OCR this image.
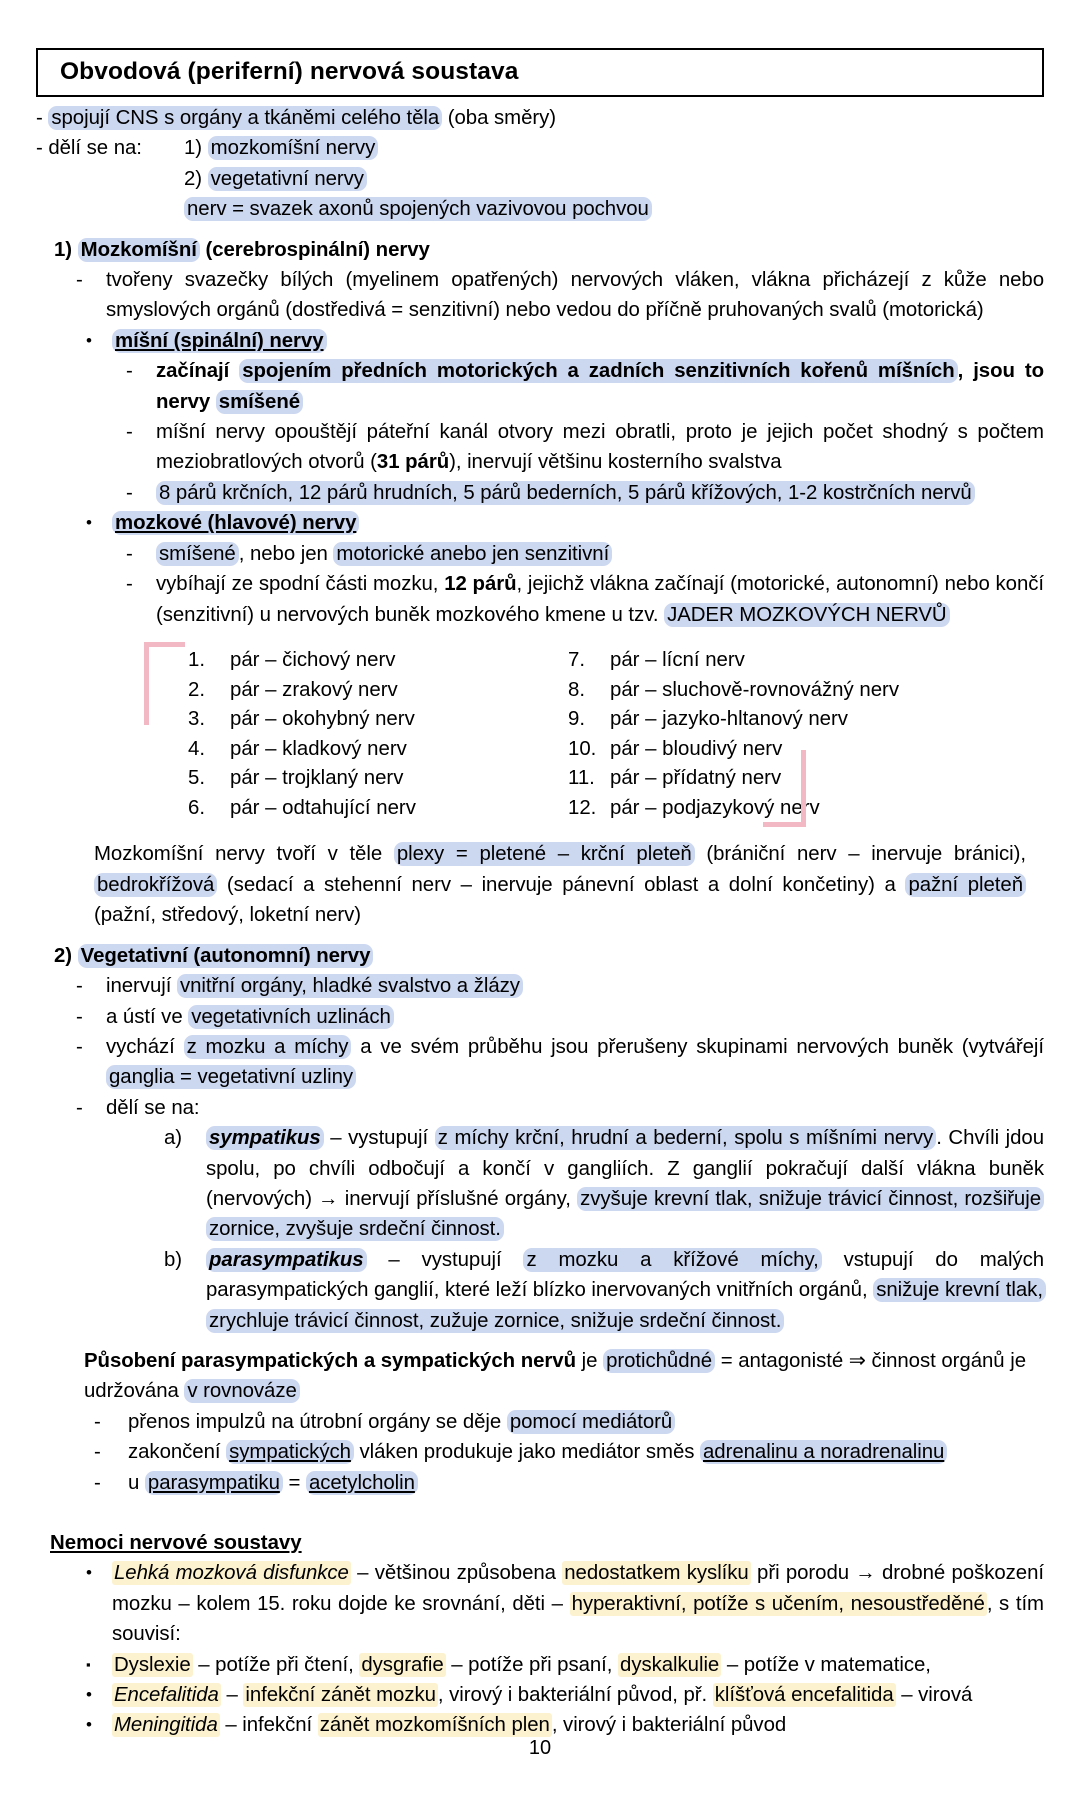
Obvodová (periferní) nervová soustava
- spojují CNS s orgány a tkáněmi celého těla (oba směry)
- dělí se na:	1) mozkomíšní nervy
2) vegetativní nervy
nerv = svazek axonů spojených vazivovou pochvou
1) Mozkomíšní (cerebrospinální) nervy
-	tvořeny svazečky bílých (myelinem opatřených) nervových vláken, vlákna přicházejí z kůže nebo smyslových orgánů (dostředivá = senzitivní) nebo vedou do příčně pruhovaných svalů (motorická)
•	míšní (spinální) nervy
-	začínají spojením předních motorických a zadních senzitivních kořenů míšních , jsou to nervy smíšené
-	míšní nervy opouštějí páteřní kanál otvory mezi obratli, proto je jejich počet shodný s počtem meziobratlových otvorů (31 párů), inervují většinu kosterního svalstva
-	8 párů krčních, 12 párů hrudních, 5 párů bederních, 5 párů křížových, 1-2 kostrčních nervů
•	mozkové (hlavové) nervy
-	smíšené , nebo jen motorické anebo jen senzitivní
-	vybíhají ze spodní části mozku, 12 párů, jejichž vlákna začínají (motorické, autonomní) nebo končí (senzitivní) u nervových buněk mozkového kmene u tzv. JADER MOZKOVÝCH NERVŮ
1.	pár – čichový nerv
2.	pár – zrakový nerv
3.	pár – okohybný nerv
4.	pár – kladkový nerv
5.	pár – trojklaný nerv
6.	pár – odtahující nerv
7.	pár – lícní nerv
8.	pár – sluchově-rovnovážný nerv
9.	pár – jazyko-hltanový nerv
10. pár – bloudivý nerv
11. pár – přídatný nerv
12. pár – podjazykový nerv
Mozkomíšní nervy tvoří v těle plexy = pletené – krční pleteň (brániční nerv – inervuje bránici), bedrokřížová (sedací a stehenní nerv – inervuje pánevní oblast a dolní končetiny) a pažní pleteň (pažní, středový, loketní nerv)
2) Vegetativní (autonomní) nervy
-	inervují vnitřní orgány, hladké svalstvo a žlázy
-	a ústí ve vegetativních uzlinách
-	vychází z mozku a míchy a ve svém průběhu jsou přerušeny skupinami nervových buněk (vytvářejí ganglia = vegetativní uzliny
-	dělí se na:
a)	sympatikus – vystupují z míchy krční, hrudní a bederní, spolu s míšními nervy . Chvíli jdou spolu, po chvíli odbočují a končí v gangliích. Z ganglií pokračují další vlákna buněk (nervových) → inervují příslušné orgány, zvyšuje krevní tlak, snižuje trávicí činnost, rozšiřuje zornice, zvyšuje srdeční činnost.
b)	parasympatikus – vystupují z mozku a křížové míchy, vstupují do malých parasympatických ganglií, které leží blízko inervovaných vnitřních orgánů, snižuje krevní tlak, zrychluje trávicí činnost, zužuje zornice, snižuje srdeční činnost.
Působení parasympatických a sympatických nervů je protichůdné = antagonisté ⇒ činnost orgánů je udržována v rovnováze
-	přenos impulzů na útrobní orgány se děje pomocí mediátorů
-	zakončení sympatických vláken produkuje jako mediátor směs adrenalinu a noradrenalinu
-	u parasympatiku = acetylcholin
Nemoci nervové soustavy
•	Lehká mozková disfunkce – většinou způsobena nedostatkem kyslíku při porodu → drobné poškození mozku – kolem 15. roku dojde ke srovnání, děti – hyperaktivní, potíže s učením, nesoustředěné, s tím souvisí:
▪	Dyslexie – potíže při čtení, dysgrafie – potíže při psaní, dyskalkulie – potíže v matematice,
•	Encefalitida – infekční zánět mozku, virový i bakteriální původ, př. klíšťová encefalitida – virová
•	Meningitida – infekční zánět mozkomíšních plen, virový i bakteriální původ
10
